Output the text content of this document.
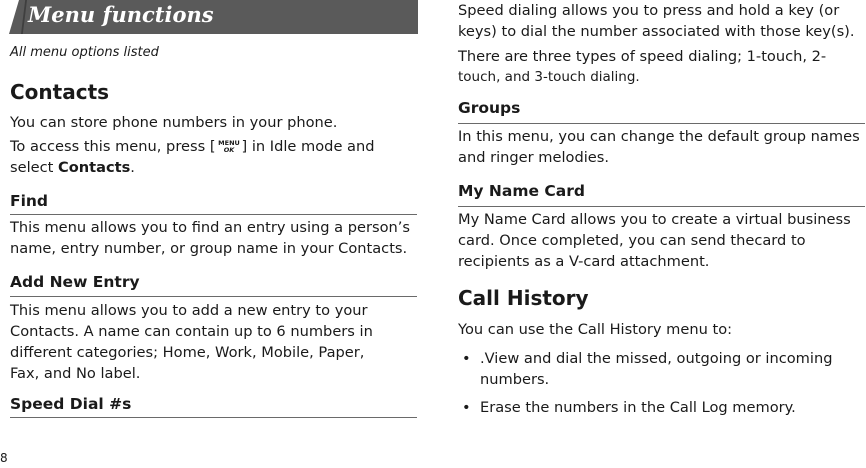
Menu functions
All menu options listed
Contacts
You can store phone numbers in your phone.
To access this menu, press [ MENU
OK ] in Idle mode and
select Contacts.
Find
This menu allows you to find an entry using a person’s name, entry number, or group name in your Contacts.
Add New Entry
This menu allows you to add a new entry to your Contacts. A name can contain up to 6 numbers in different categories; Home, Work, Mobile, Paper, Fax, and No label.
Speed Dial #s
Speed dialing allows you to press and hold a key (or keys) to dial the number associated with those key(s).
There are three types of speed dialing; 1-touch, 2-
touch, and 3-touch dialing.
Groups
In this menu, you can change the default group names and ringer melodies.
My Name Card
My Name Card allows you to create a virtual business card. Once completed, you can send thecard to recipients as a V-card attachment.
Call History
You can use the Call History menu to:
• .View and dial the missed, outgoing or incoming numbers.
• Erase the numbers in the Call Log memory.
8
